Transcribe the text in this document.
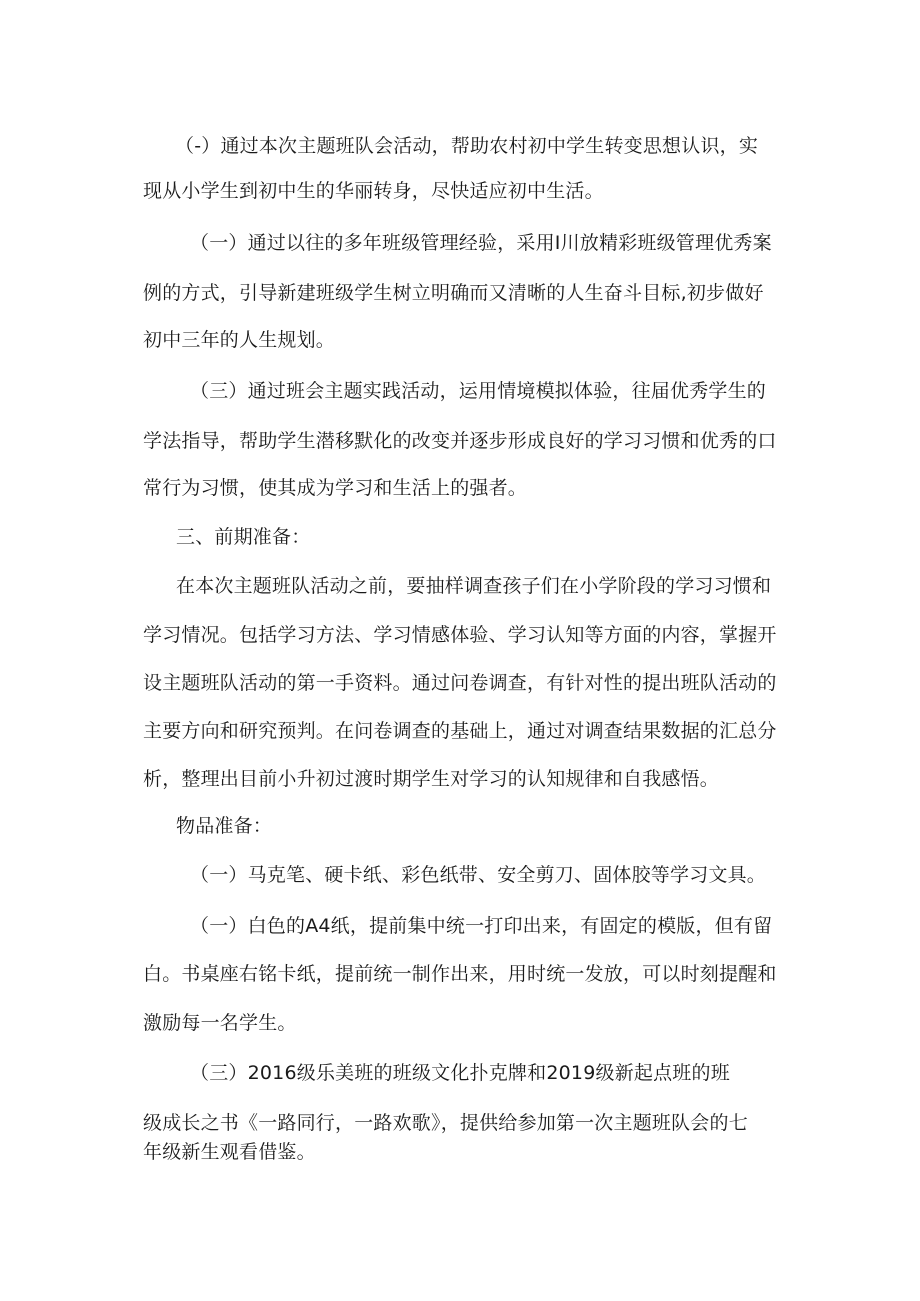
（-）通过本次主题班队会活动，帮助农村初中学生转变思想认识，实
现从小学生到初中生的华丽转身，尽快适应初中生活。
（一）通过以往的多年班级管理经验，采用I川放精彩班级管理优秀案
例的方式，引导新建班级学生树立明确而又清晰的人生奋斗目标,初步做好
初中三年的人生规划。
（三）通过班会主题实践活动，运用情境模拟体验，往届优秀学生的
学法指导，帮助学生潜移默化的改变并逐步形成良好的学习习惯和优秀的口
常行为习惯，使其成为学习和生活上的强者。
三、前期准备：
在本次主题班队活动之前，要抽样调查孩子们在小学阶段的学习习惯和
学习情况。包括学习方法、学习情感体验、学习认知等方面的内容，掌握开
设主题班队活动的第一手资料。通过问卷调查，有针对性的提出班队活动的
主要方向和研究预判。在问卷调查的基础上，通过对调查结果数据的汇总分
析，整理出目前小升初过渡时期学生对学习的认知规律和自我感悟。
物品准备：
（一）马克笔、硬卡纸、彩色纸带、安全剪刀、固体胶等学习文具。
（一）白色的A4纸，提前集中统一打印出来，有固定的模版，但有留
白。书桌座右铭卡纸，提前统一制作出来，用时统一发放，可以时刻提醒和
激励每一名学生。
（三）2016级乐美班的班级文化扑克牌和2019级新起点班的班
级成长之书《一路同行，一路欢歌》，提供给参加第一次主题班队会的七
年级新生观看借鉴。
